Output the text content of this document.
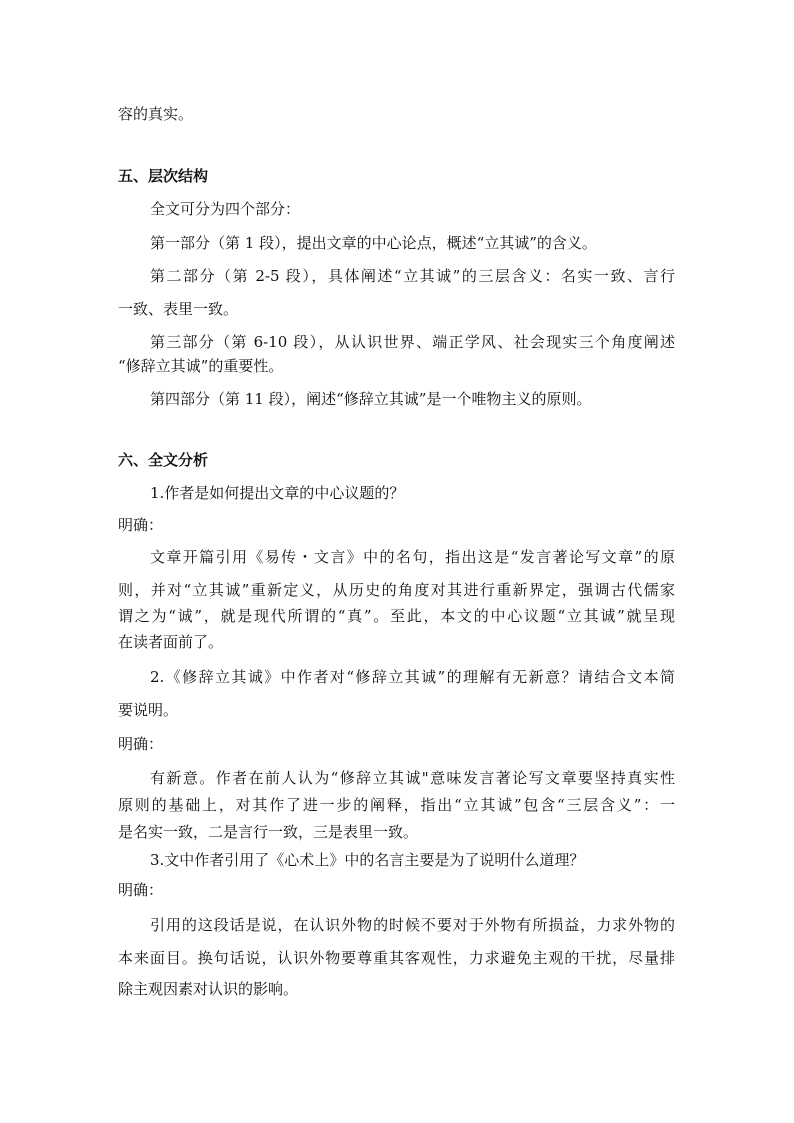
容的真实。
五、层次结构
全文可分为四个部分：
第一部分（第 1 段），提出文章的中心论点，概述“立其诚”的含义。
第二部分（第 2-5 段），具体阐述“立其诚”的三层含义：名实一致、言行
一致、表里一致。
第三部分（第 6-10 段），从认识世界、端正学风、社会现实三个角度阐述
“修辞立其诚”的重要性。
第四部分（第 11 段），阐述“修辞立其诚”是一个唯物主义的原则。
六、全文分析
1.作者是如何提出文章的中心议题的？
明确：
文章开篇引用《易传・文言》中的名句，指出这是“发言著论写文章”的原
则，并对“立其诚”重新定义，从历史的角度对其进行重新界定，强调古代儒家
谓之为“诚”，就是现代所谓的“真”。至此，本文的中心议题“立其诚”就呈现
在读者面前了。
2.《修辞立其诚》中作者对“修辞立其诚”的理解有无新意？请结合文本简
要说明。
明确：
有新意。作者在前人认为“修辞立其诚"意味发言著论写文章要坚持真实性
原则的基础上，对其作了进一步的阐释，指出“立其诚”包含“三层含义”：一
是名实一致，二是言行一致，三是表里一致。
3.文中作者引用了《心术上》中的名言主要是为了说明什么道理？
明确：
引用的这段话是说，在认识外物的时候不要对于外物有所损益，力求外物的
本来面目。换句话说，认识外物要尊重其客观性，力求避免主观的干扰，尽量排
除主观因素对认识的影响。
